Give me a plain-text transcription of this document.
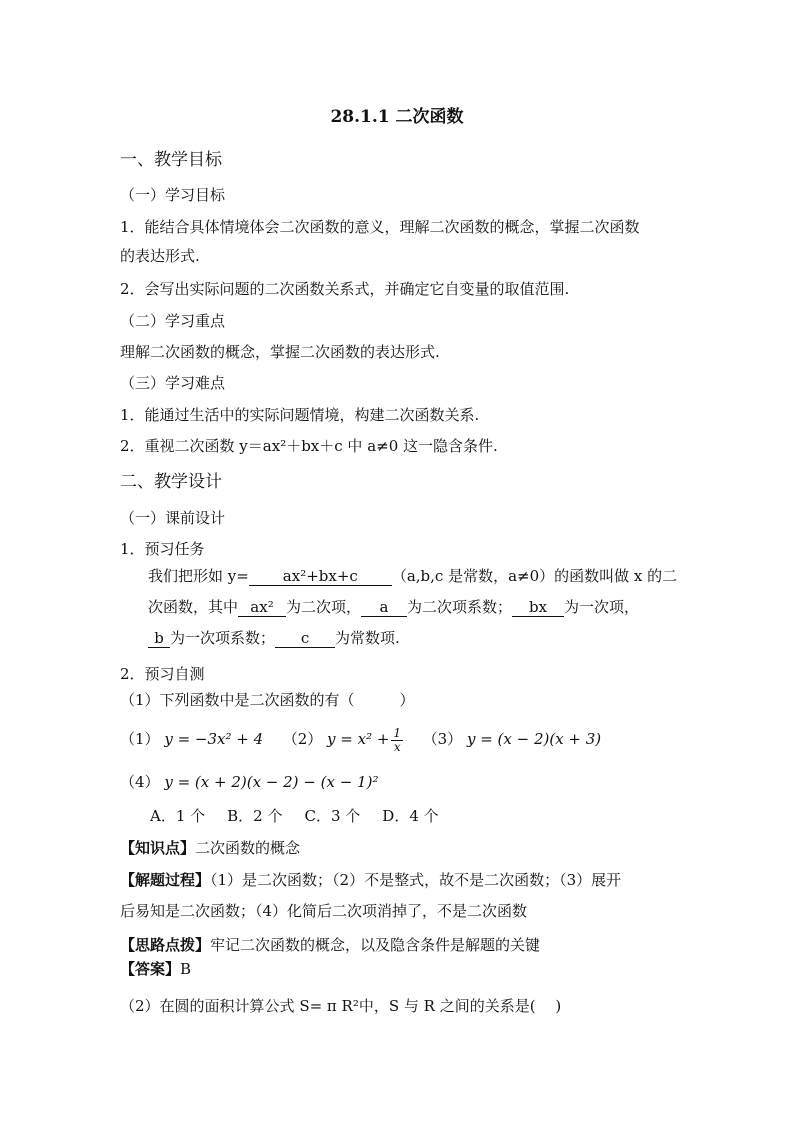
28.1.1 二次函数
一、教学目标
（一）学习目标
1．能结合具体情境体会二次函数的意义，理解二次函数的概念，掌握二次函数
的表达形式.
2．会写出实际问题的二次函数关系式，并确定它自变量的取值范围.
（二）学习重点
理解二次函数的概念，掌握二次函数的表达形式.
（三）学习难点
1．能通过生活中的实际问题情境，构建二次函数关系.
2．重视二次函数 y＝ax²＋bx＋c 中 a≠0 这一隐含条件.
二、教学设计
（一）课前设计
1．预习任务
我们把形如 y= ax²+bx+c （a,b,c 是常数，a≠0）的函数叫做 x 的二
次函数，其中 ax² 为二次项， a 为二次项系数； bx 为一次项，
b 为一次项系数； c 为常数项.
2．预习自测
（1）下列函数中是二次函数的有（　　　）
（1） y = −3x² + 4 （2） $y = x^2 + \frac{1}{x} (3) y = (x - 2)(x + 3)$
（4） y = (x + 2)(x − 2) − (x − 1)²
A．1 个 B．2 个 C．3 个 D．4 个
【知识点】二次函数的概念
【解题过程】（1）是二次函数；（2）不是整式，故不是二次函数；（3）展开
后易知是二次函数；（4）化简后二次项消掉了，不是二次函数
【思路点拨】牢记二次函数的概念，以及隐含条件是解题的关键
【答案】B
（2）在圆的面积计算公式 S= π R²中，S 与 R 之间的关系是(　 )
